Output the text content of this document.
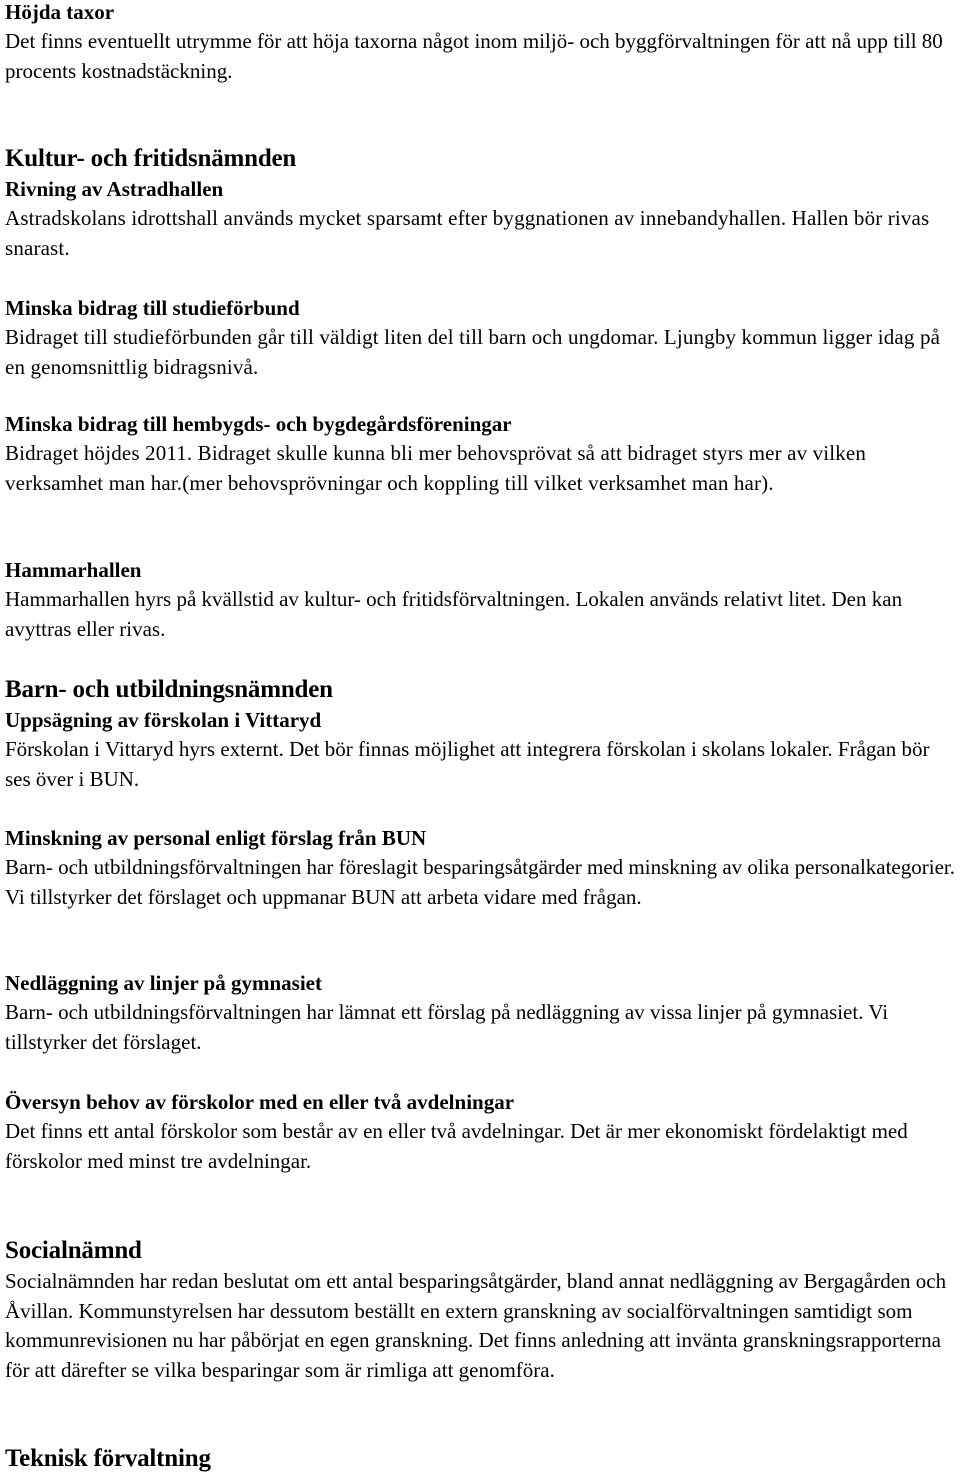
Höjda taxor
Det finns eventuellt utrymme för att höja taxorna något inom miljö- och byggförvaltningen för att nå upp till 80 procents kostnadstäckning.
Kultur- och fritidsnämnden
Rivning av Astradhallen
Astradskolans idrottshall används mycket sparsamt efter byggnationen av innebandyhallen. Hallen bör rivas snarast.
Minska bidrag till studieförbund
Bidraget till studieförbunden går till väldigt liten del till barn och ungdomar. Ljungby kommun ligger idag på en genomsnittlig bidragsnivå.
Minska bidrag till hembygds- och bygdegårdsföreningar
Bidraget höjdes 2011. Bidraget skulle kunna bli mer behovsprövat så att bidraget styrs mer av vilken verksamhet man har.(mer behovsprövningar och koppling till vilket verksamhet man har).
Hammarhallen
Hammarhallen hyrs på kvällstid av kultur- och fritidsförvaltningen. Lokalen används relativt litet. Den kan avyttras eller rivas.
Barn- och utbildningsnämnden
Uppsägning av förskolan i Vittaryd
Förskolan i Vittaryd hyrs externt. Det bör finnas möjlighet att integrera förskolan i skolans lokaler. Frågan bör ses över i BUN.
Minskning av personal enligt förslag från BUN
Barn- och utbildningsförvaltningen har föreslagit besparingsåtgärder med minskning av olika personalkategorier. Vi tillstyrker det förslaget och uppmanar BUN att arbeta vidare med frågan.
Nedläggning av linjer på gymnasiet
Barn- och utbildningsförvaltningen har lämnat ett förslag på nedläggning av vissa linjer på gymnasiet. Vi tillstyrker det förslaget.
Översyn behov av förskolor med en eller två avdelningar
Det finns ett antal förskolor som består av en eller två avdelningar. Det är mer ekonomiskt fördelaktigt med förskolor med minst tre avdelningar.
Socialnämnd
Socialnämnden har redan beslutat om ett antal besparingsåtgärder, bland annat nedläggning av Bergagården och Åvillan. Kommunstyrelsen har dessutom beställt en extern granskning av socialförvaltningen samtidigt som kommunrevisionen nu har påbörjat en egen granskning. Det finns anledning att invänta granskningsrapporterna för att därefter se vilka besparingar som är rimliga att genomföra.
Teknisk förvaltning
